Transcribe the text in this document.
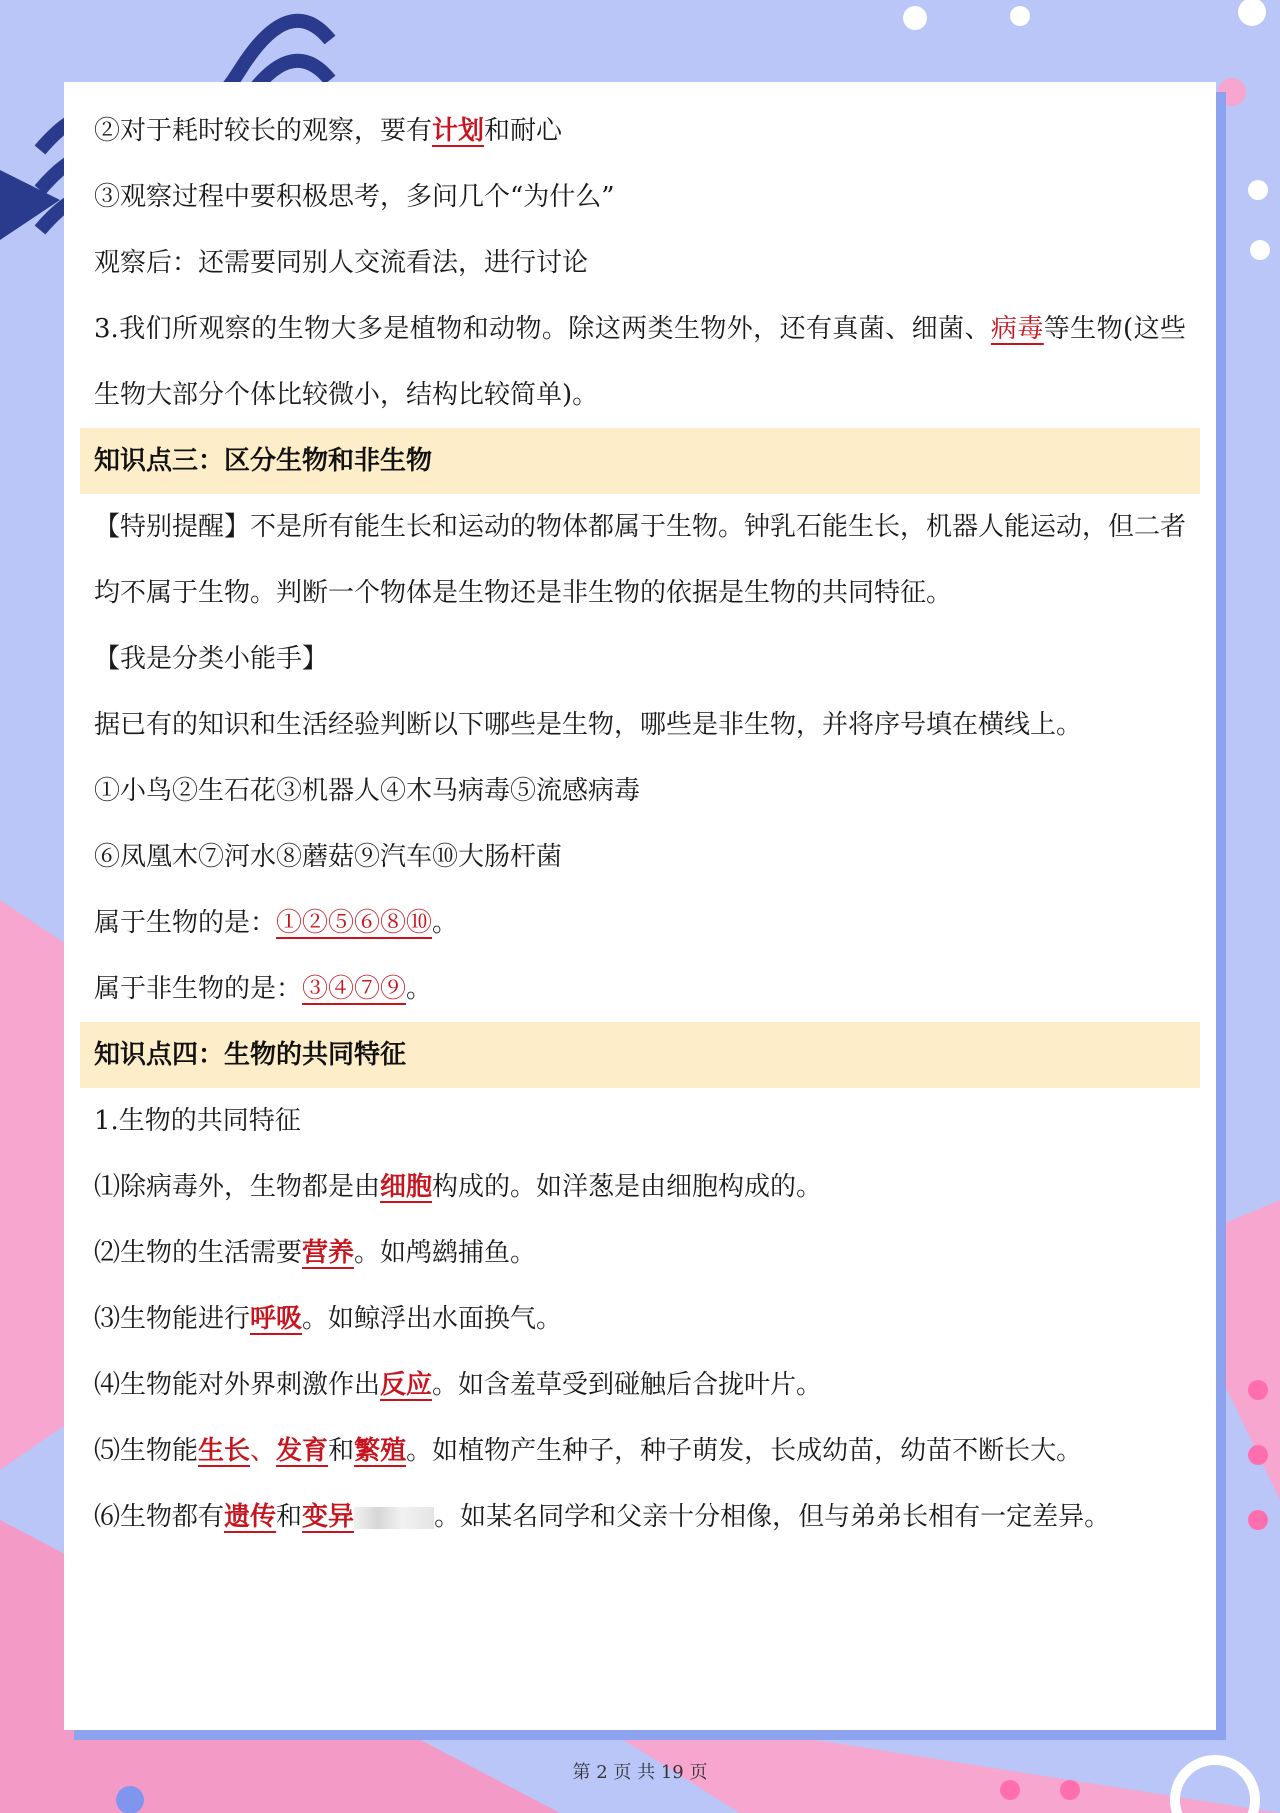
②对于耗时较长的观察，要有计划和耐心
③观察过程中要积极思考，多问几个“为什么”
观察后：还需要同别人交流看法，进行讨论
3.我们所观察的生物大多是植物和动物。除这两类生物外，还有真菌、细菌、病毒等生物(这些生物大部分个体比较微小，结构比较简单)。
知识点三：区分生物和非生物
【特别提醒】不是所有能生长和运动的物体都属于生物。钟乳石能生长，机器人能运动，但二者均不属于生物。判断一个物体是生物还是非生物的依据是生物的共同特征。
【我是分类小能手】
据已有的知识和生活经验判断以下哪些是生物，哪些是非生物，并将序号填在横线上。
①小鸟②生石花③机器人④木马病毒⑤流感病毒
⑥凤凰木⑦河水⑧蘑菇⑨汽车⑩大肠杆菌
属于生物的是：①②⑤⑥⑧⑩。
属于非生物的是：③④⑦⑨。
知识点四：生物的共同特征
1.生物的共同特征
⑴除病毒外，生物都是由细胞构成的。如洋葱是由细胞构成的。
⑵生物的生活需要营养。如鸬鹚捕鱼。
⑶生物能进行呼吸。如鲸浮出水面换气。
⑷生物能对外界刺激作出反应。如含羞草受到碰触后合拢叶片。
⑸生物能生长、发育和繁殖。如植物产生种子，种子萌发，长成幼苗，幼苗不断长大。
⑹生物都有遗传和变异	。如某名同学和父亲十分相像，但与弟弟长相有一定差异。
第 2 页 共 19 页
